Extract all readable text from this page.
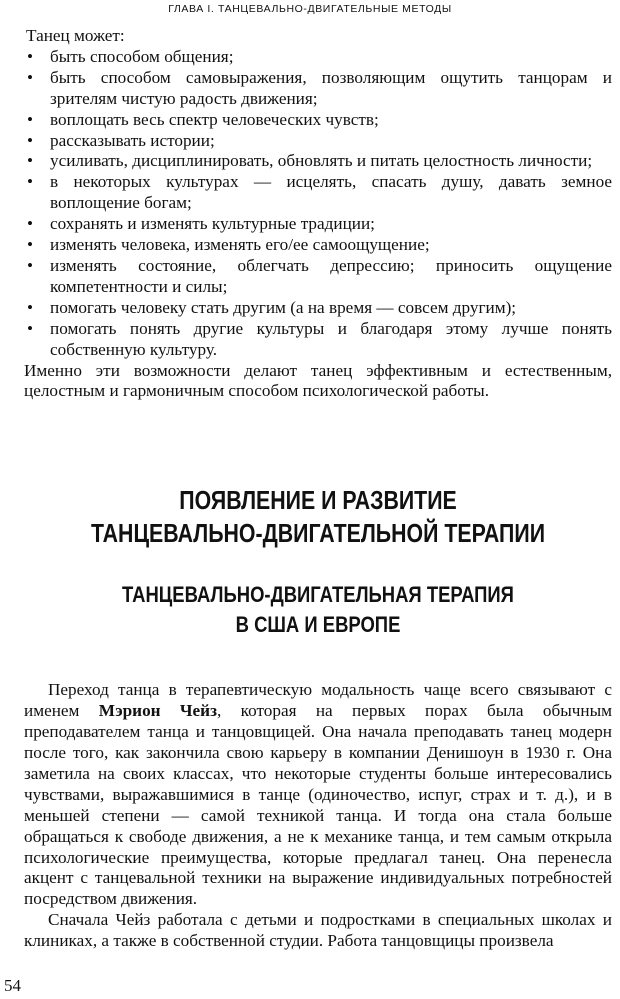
ГЛАВА I. ТАНЦЕВАЛЬНО-ДВИГАТЕЛЬНЫЕ МЕТОДЫ

Танец может:

• быть способом общения;
• быть способом самовыражения, позволяющим ощутить танцорам и зрителям чистую радость движения;
• воплощать весь спектр человеческих чувств;
• рассказывать истории;
• усиливать, дисциплинировать, обновлять и питать целостность личности;
• в некоторых культурах — исцелять, спасать душу, давать земное воплощение богам;
• сохранять и изменять культурные традиции;
• изменять человека, изменять его/ее самоощущение;
• изменять состояние, облегчать депрессию; приносить ощущение компетентности и силы;
• помогать человеку стать другим (а на время — совсем другим);
• помогать понять другие культуры и благодаря этому лучше понять собственную культуру.

Именно эти возможности делают танец эффективным и естественным, целостным и гармоничным способом психологической работы.

ПОЯВЛЕНИЕ И РАЗВИТИЕ
ТАНЦЕВАЛЬНО-ДВИГАТЕЛЬНОЙ ТЕРАПИИ
ТАНЦЕВАЛЬНО-ДВИГАТЕЛЬНАЯ ТЕРАПИЯ
В США И ЕВРОПЕ

Переход танца в терапевтическую модальность чаще всего связывают с именем Мэрион Чейз, которая на первых порах была обычным преподавателем танца и танцовщицей. Она начала преподавать танец модерн после того, как закончила свою карьеру в компании Денишоун в 1930 г. Она заметила на своих классах, что некоторые студенты больше интересовались чувствами, выражавшимися в танце (одиночество, испуг, страх и т. д.), и в меньшей степени — самой техникой танца. И тогда она стала больше обращаться к свободе движения, а не к механике танца, и тем самым открыла психологические преимущества, которые предлагал танец. Она перенесла акцент с танцевальной техники на выражение индивидуальных потребностей посредством движения.

Сначала Чейз работала с детьми и подростками в специальных школах и клиниках, а также в собственной студии. Работа танцовщицы произвела

54
